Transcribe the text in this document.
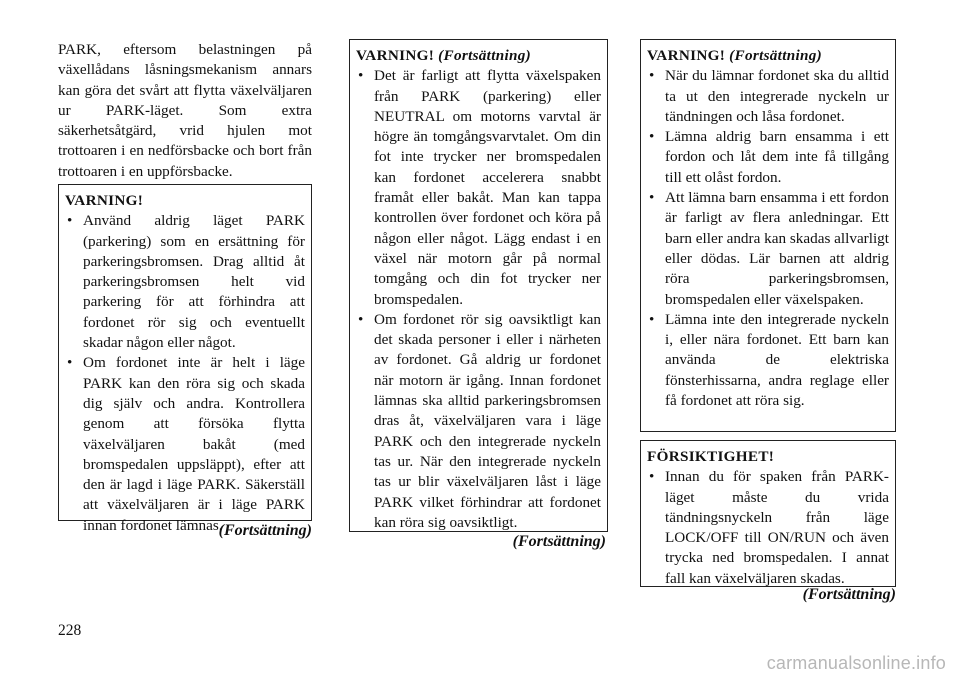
PARK, eftersom belastningen på växellådans låsningsmekanism annars kan göra det svårt att flytta växelväljaren ur PARK-läget. Som extra säkerhetsåtgärd, vrid hjulen mot trottoaren i en nedförsbacke och bort från trottoaren i en uppförsbacke.
VARNING!
• Använd aldrig läget PARK (parkering) som en ersättning för parkeringsbromsen. Drag alltid åt parkeringsbromsen helt vid parkering för att förhindra att fordonet rör sig och eventuellt skadar någon eller något.
• Om fordonet inte är helt i läge PARK kan den röra sig och skada dig själv och andra. Kontrollera genom att försöka flytta växelväljaren bakåt (med bromspedalen uppsläppt), efter att den är lagd i läge PARK. Säkerställ att växelväljaren är i läge PARK innan fordonet lämnas.
(Fortsättning)
VARNING! (Fortsättning)
• Det är farligt att flytta växelspaken från PARK (parkering) eller NEUTRAL om motorns varvtal är högre än tomgångsvarvtalet. Om din fot inte trycker ner bromspedalen kan fordonet accelerera snabbt framåt eller bakåt. Man kan tappa kontrollen över fordonet och köra på någon eller något. Lägg endast i en växel när motorn går på normal tomgång och din fot trycker ner bromspedalen.
• Om fordonet rör sig oavsiktligt kan det skada personer i eller i närheten av fordonet. Gå aldrig ur fordonet när motorn är igång. Innan fordonet lämnas ska alltid parkeringsbromsen dras åt, växelväljaren vara i läge PARK och den integrerade nyckeln tas ur. När den integrerade nyckeln tas ur blir växelväljaren låst i läge PARK vilket förhindrar att fordonet kan röra sig oavsiktligt.
(Fortsättning)
VARNING! (Fortsättning)
• När du lämnar fordonet ska du alltid ta ut den integrerade nyckeln ur tändningen och låsa fordonet.
• Lämna aldrig barn ensamma i ett fordon och låt dem inte få tillgång till ett olåst fordon.
• Att lämna barn ensamma i ett fordon är farligt av flera anledningar. Ett barn eller andra kan skadas allvarligt eller dödas. Lär barnen att aldrig röra parkeringsbromsen, bromspedalen eller växelspaken.
• Lämna inte den integrerade nyckeln i, eller nära fordonet. Ett barn kan använda de elektriska fönsterhissarna, andra reglage eller få fordonet att röra sig.
FÖRSIKTIGHET!
• Innan du för spaken från PARK-läget måste du vrida tändningsnyckeln från läge LOCK/OFF till ON/RUN och även trycka ned bromspedalen. I annat fall kan växelväljaren skadas.
(Fortsättning)
228
carmanualsonline.info
